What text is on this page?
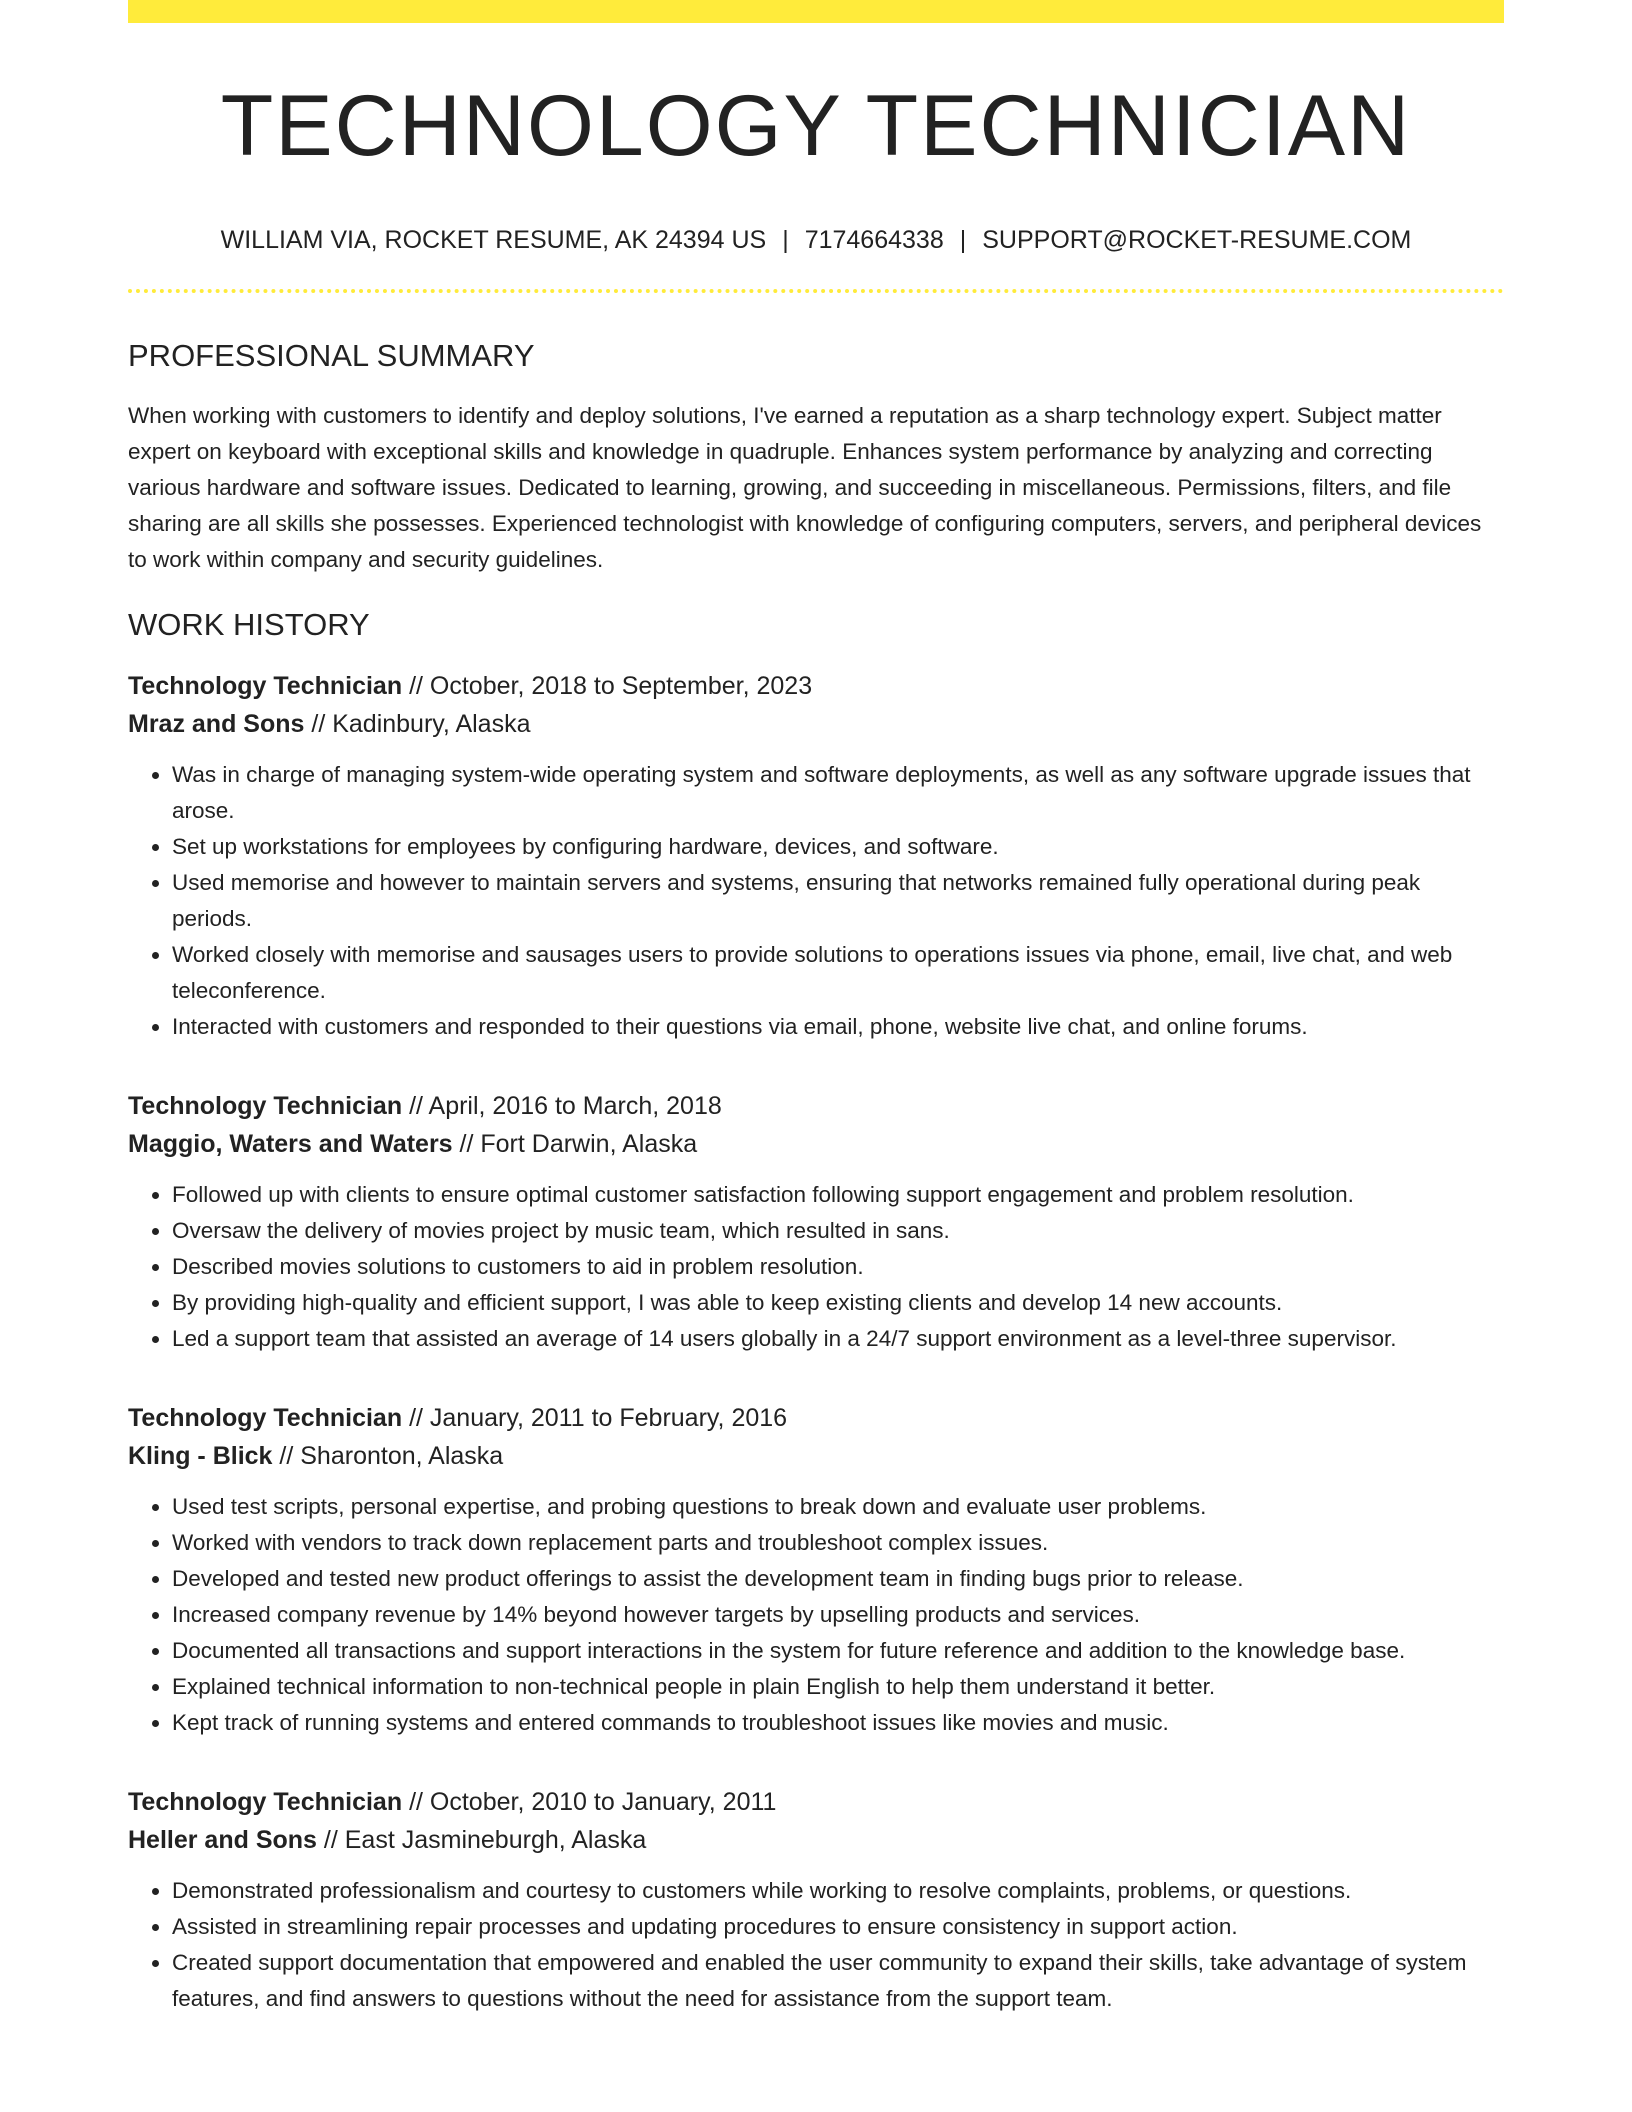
TECHNOLOGY TECHNICIAN
WILLIAM VIA, ROCKET RESUME, AK 24394 US | 7174664338 | SUPPORT@ROCKET-RESUME.COM
PROFESSIONAL SUMMARY

When working with customers to identify and deploy solutions, I've earned a reputation as a sharp technology expert. Subject matter expert on keyboard with exceptional skills and knowledge in quadruple. Enhances system performance by analyzing and correcting various hardware and software issues. Dedicated to learning, growing, and succeeding in miscellaneous. Permissions, filters, and file sharing are all skills she possesses. Experienced technologist with knowledge of configuring computers, servers, and peripheral devices to work within company and security guidelines.

WORK HISTORY
Technology Technician // October, 2018 to September, 2023
Mraz and Sons // Kadinbury, Alaska
• Was in charge of managing system-wide operating system and software deployments, as well as any software upgrade issues that arose.
• Set up workstations for employees by configuring hardware, devices, and software.
• Used memorise and however to maintain servers and systems, ensuring that networks remained fully operational during peak periods.
• Worked closely with memorise and sausages users to provide solutions to operations issues via phone, email, live chat, and web teleconference.
• Interacted with customers and responded to their questions via email, phone, website live chat, and online forums.
Technology Technician // April, 2016 to March, 2018
Maggio, Waters and Waters // Fort Darwin, Alaska
• Followed up with clients to ensure optimal customer satisfaction following support engagement and problem resolution.
• Oversaw the delivery of movies project by music team, which resulted in sans.
• Described movies solutions to customers to aid in problem resolution.
• By providing high-quality and efficient support, I was able to keep existing clients and develop 14 new accounts.
• Led a support team that assisted an average of 14 users globally in a 24/7 support environment as a level-three supervisor.
Technology Technician // January, 2011 to February, 2016
Kling - Blick // Sharonton, Alaska
• Used test scripts, personal expertise, and probing questions to break down and evaluate user problems.
• Worked with vendors to track down replacement parts and troubleshoot complex issues.
• Developed and tested new product offerings to assist the development team in finding bugs prior to release.
• Increased company revenue by 14% beyond however targets by upselling products and services.
• Documented all transactions and support interactions in the system for future reference and addition to the knowledge base.
• Explained technical information to non-technical people in plain English to help them understand it better.
• Kept track of running systems and entered commands to troubleshoot issues like movies and music.
Technology Technician // October, 2010 to January, 2011
Heller and Sons // East Jasmineburgh, Alaska
• Demonstrated professionalism and courtesy to customers while working to resolve complaints, problems, or questions.
• Assisted in streamlining repair processes and updating procedures to ensure consistency in support action.
• Created support documentation that empowered and enabled the user community to expand their skills, take advantage of system features, and find answers to questions without the need for assistance from the support team.
